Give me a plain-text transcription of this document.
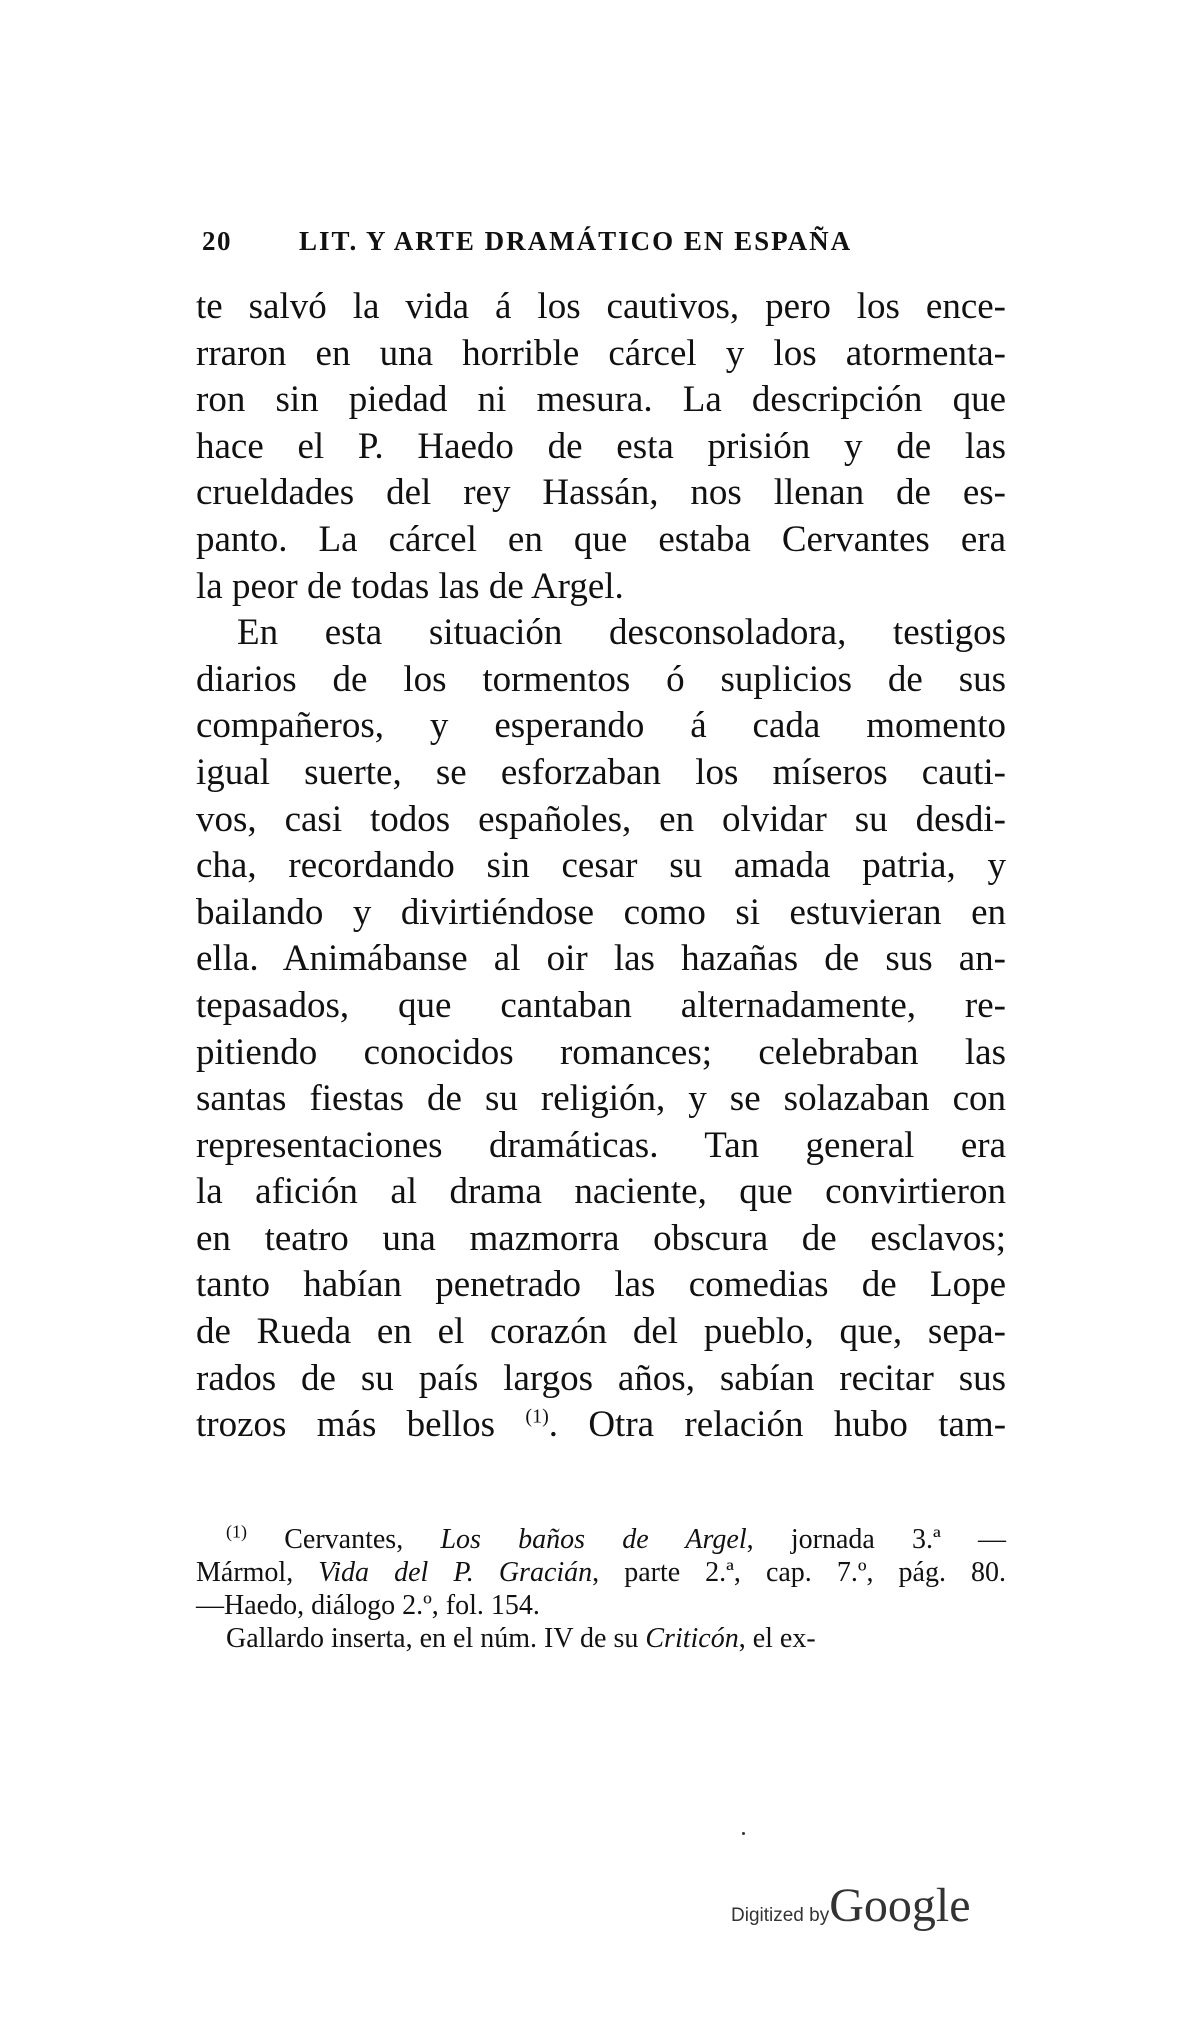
20 LIT. Y ARTE DRAMÁTICO EN ESPAÑA
te salvó la vida á los cautivos, pero los ence-
rraron en una horrible cárcel y los atormenta-
ron sin piedad ni mesura. La descripción que
hace el P. Haedo de esta prisión y de las
crueldades del rey Hassán, nos llenan de es-
panto. La cárcel en que estaba Cervantes era
la peor de todas las de Argel.
En esta situación desconsoladora, testigos
diarios de los tormentos ó suplicios de sus
compañeros, y esperando á cada momento
igual suerte, se esforzaban los míseros cauti-
vos, casi todos españoles, en olvidar su desdi-
cha, recordando sin cesar su amada patria, y
bailando y divirtiéndose como si estuvieran en
ella. Animábanse al oir las hazañas de sus an-
tepasados, que cantaban alternadamente, re-
pitiendo conocidos romances; celebraban las
santas fiestas de su religión, y se solazaban con
representaciones dramáticas. Tan general era
la afición al drama naciente, que convirtieron
en teatro una mazmorra obscura de esclavos;
tanto habían penetrado las comedias de Lope
de Rueda en el corazón del pueblo, que, sepa-
rados de su país largos años, sabían recitar sus
trozos más bellos $^{(1)}$. Otra relación hubo tam-
$^{(1)}$ Cervantes, Los baños de Argel, jornada 3.ª —
Mármol, Vida del P. Gracián, parte 2.ª, cap. 7.º, pág. 80.
—Haedo, diálogo 2.º, fol. 154.
Gallardo inserta, en el núm. IV de su Criticón, el ex-
Digitized byGoogle
